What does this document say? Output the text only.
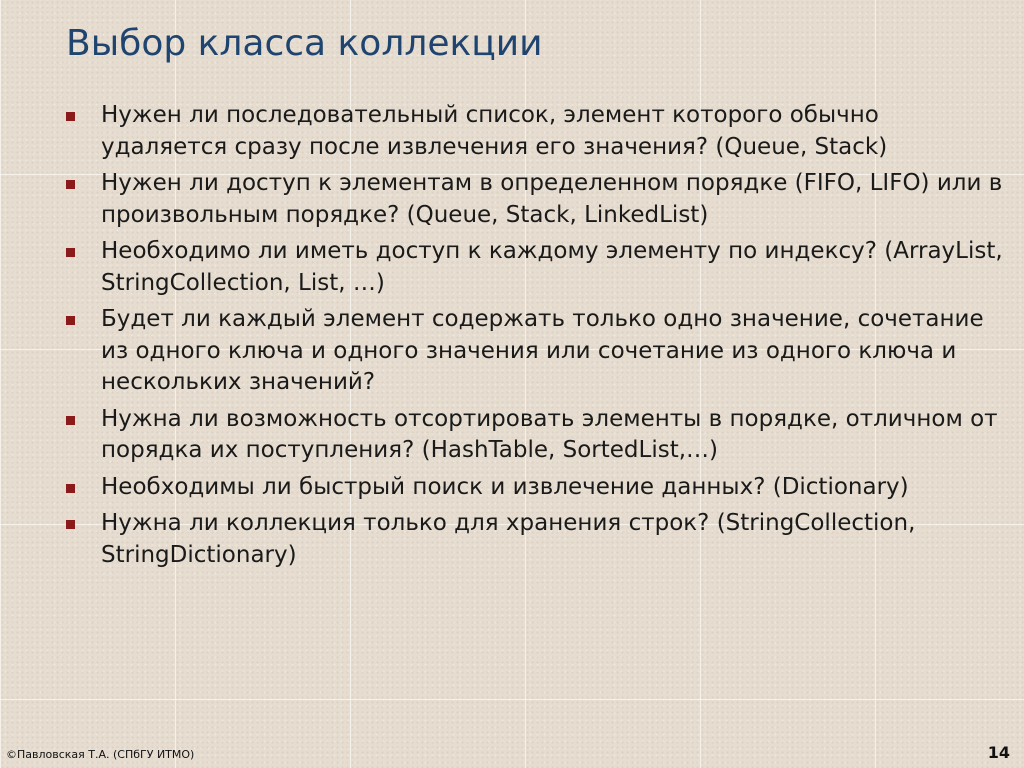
Выбор класса коллекции
Нужен ли последовательный список, элемент которого обычно удаляется сразу после извлечения его значения? (Queue, Stack)
Нужен ли доступ к элементам в определенном порядке (FIFO, LIFO) или в произвольным порядке? (Queue, Stack, LinkedList)
Необходимо ли иметь доступ к каждому элементу по индексу? (ArrayList, StringCollection, List, …)
Будет ли каждый элемент содержать только одно значение, сочетание из одного ключа и одного значения или сочетание из одного ключа и нескольких значений?
Нужна ли возможность отсортировать элементы в порядке, отличном от порядка их поступления? (HashTable, SortedList,…)
Необходимы ли быстрый поиск и извлечение данных? (Dictionary)
Нужна ли коллекция только для хранения строк? (StringCollection, StringDictionary)
©Павловская Т.А. (СПбГУ ИТМО)	14
